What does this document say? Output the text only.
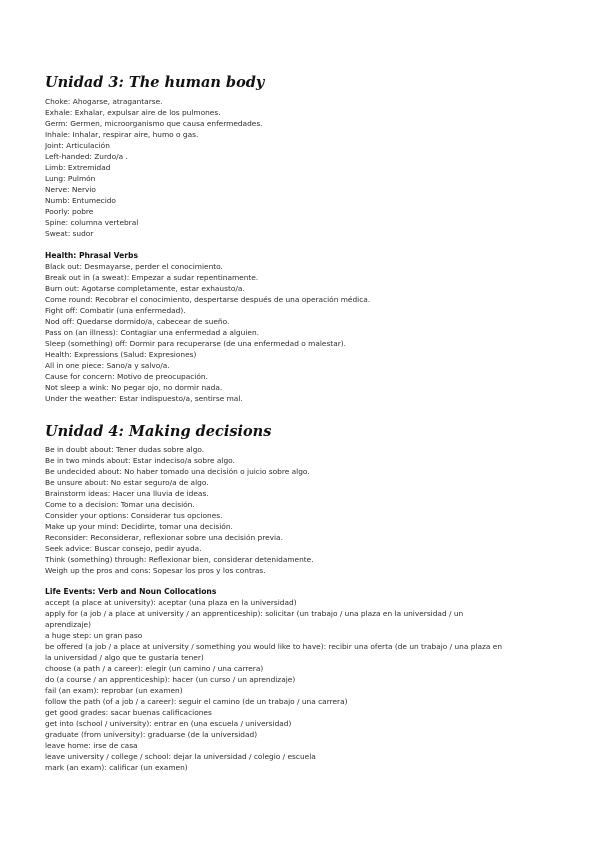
Unidad 3: The human body

Choke: Ahogarse, atragantarse.

Exhale: Exhalar, expulsar aire de los pulmones.

Germ: Germen, microorganismo que causa enfermedades.

Inhale: Inhalar, respirar aire, humo o gas.

Joint: Articulación

Left-handed: Zurdo/a .

Limb: Extremidad

Lung: Pulmón

Nerve: Nervio

Numb: Entumecido

Poorly: pobre

Spine: columna vertebral

Sweat: sudor

Health: Phrasal Verbs

Black out: Desmayarse, perder el conocimiento.

Break out in (a sweat): Empezar a sudar repentinamente.

Burn out: Agotarse completamente, estar exhausto/a.

Come round: Recobrar el conocimiento, despertarse después de una operación médica.

Fight off: Combatir (una enfermedad).

Nod off: Quedarse dormido/a, cabecear de sueño.

Pass on (an illness): Contagiar una enfermedad a alguien.

Sleep (something) off: Dormir para recuperarse (de una enfermedad o malestar).

Health: Expressions (Salud: Expresiones)

All in one piece: Sano/a y salvo/a.

Cause for concern: Motivo de preocupación.

Not sleep a wink: No pegar ojo, no dormir nada.

Under the weather: Estar indispuesto/a, sentirse mal.

Unidad 4: Making decisions

Be in doubt about: Tener dudas sobre algo.

Be in two minds about: Estar indeciso/a sobre algo.

Be undecided about: No haber tomado una decisión o juicio sobre algo.

Be unsure about: No estar seguro/a de algo.

Brainstorm ideas: Hacer una lluvia de ideas.

Come to a decision: Tomar una decisión.

Consider your options: Considerar tus opciones.

Make up your mind: Decidirte, tomar una decisión.

Reconsider: Reconsiderar, reflexionar sobre una decisión previa.

Seek advice: Buscar consejo, pedir ayuda.

Think (something) through: Reflexionar bien, considerar detenidamente.

Weigh up the pros and cons: Sopesar los pros y los contras.

Life Events: Verb and Noun Collocations

accept (a place at university): aceptar (una plaza en la universidad)

apply for (a job / a place at university / an apprenticeship): solicitar (un trabajo / una plaza en la universidad / un aprendizaje)

a huge step: un gran paso

be offered (a job / a place at university / something you would like to have): recibir una oferta (de un trabajo / una plaza en la universidad / algo que te gustaría tener)

choose (a path / a career): elegir (un camino / una carrera)

do (a course / an apprenticeship): hacer (un curso / un aprendizaje)

fail (an exam): reprobar (un examen)

follow the path (of a job / a career): seguir el camino (de un trabajo / una carrera)

get good grades: sacar buenas calificaciones

get into (school / university): entrar en (una escuela / universidad)

graduate (from university): graduarse (de la universidad)

leave home: irse de casa

leave university / college / school: dejar la universidad / colegio / escuela

mark (an exam): calificar (un examen)
